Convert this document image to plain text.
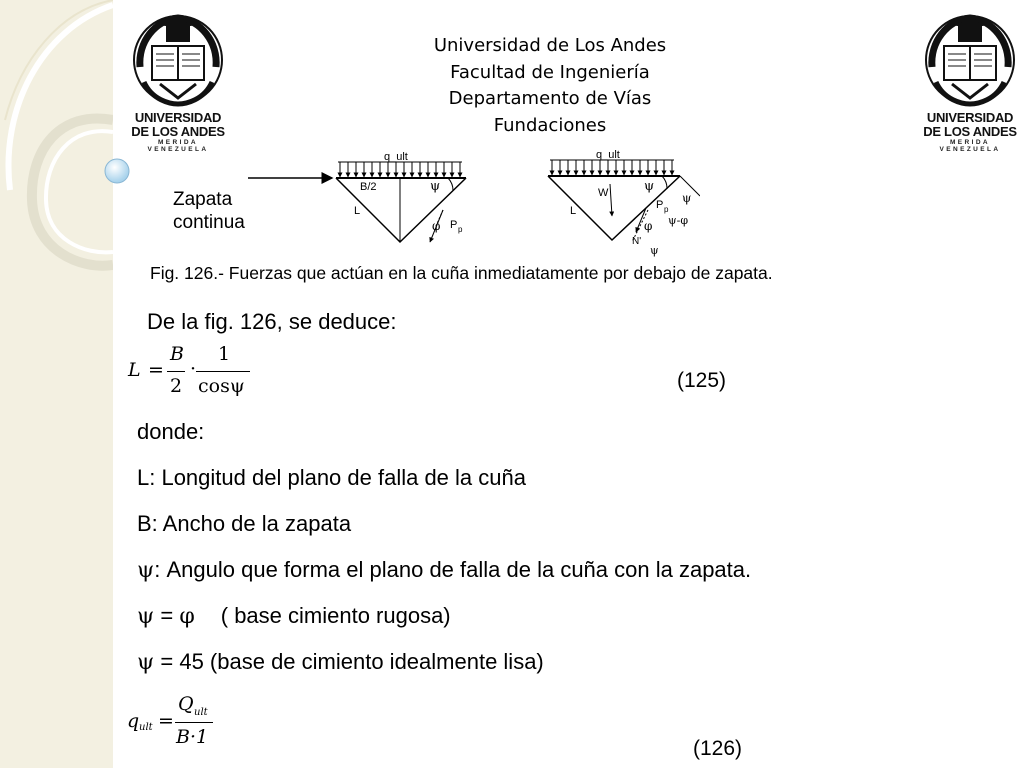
UNIVERSIDAD
DE LOS ANDES
MERIDA VENEZUELA
UNIVERSIDAD
DE LOS ANDES
MERIDA VENEZUELA
Universidad de Los Andes
Facultad de Ingeniería
Departamento de Vías
Fundaciones
Zapata
continua
q_ult
B/2
L
ψ
φ P p
q_ult
W
L
ψ
ψ
P p
ψ-φ
φ
N'
ψ
Fig. 126.- Fuerzas que actúan en la cuña inmediatamente por debajo de zapata.
De la fig. 126, se deduce:
L =
B
2
·
1
cosψ	(125)
donde:
L: Longitud del plano de falla de la cuña
B: Ancho de la zapata
ψ: Angulo que forma el plano de falla de la cuña con la zapata.
ψ = φ ( base cimiento rugosa)
ψ = 45 (base de cimiento idealmente lisa)
q ult =
Q ult
B·1	(126)
